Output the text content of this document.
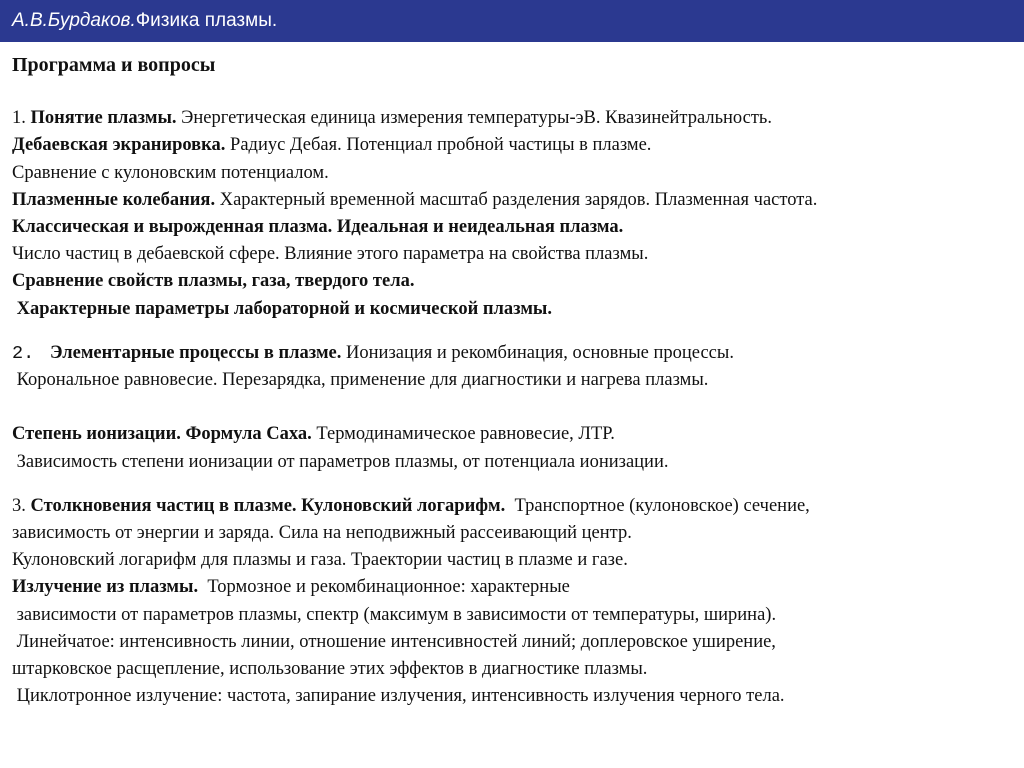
А.В.Бурдаков.Физика плазмы.
Программа и вопросы
1. Понятие плазмы. Энергетическая единица измерения температуры-эВ. Квазинейтральность.
Дебаевская экранировка. Радиус Дебая. Потенциал пробной частицы в плазме.
Сравнение с кулоновским потенциалом.
Плазменные колебания. Характерный временной масштаб разделения зарядов. Плазменная частота.
Классическая и вырожденная плазма. Идеальная и неидеальная плазма.
Число частиц в дебаевской сфере. Влияние этого параметра на свойства плазмы.
Сравнение свойств плазмы, газа, твердого тела.
Характерные параметры лабораторной и космической плазмы.
2.  Элементарные процессы в плазме. Ионизация и рекомбинация, основные процессы.
Корональное равновесие. Перезарядка, применение для диагностики и нагрева плазмы.

Степень ионизации. Формула Саха. Термодинамическое равновесие, ЛТР.
Зависимость степени ионизации от параметров плазмы, от потенциала ионизации.
3. Столкновения частиц в плазме. Кулоновский логарифм.  Транспортное (кулоновское) сечение,
зависимость от энергии и заряда. Сила на неподвижный рассеивающий центр.
Кулоновский логарифм для плазмы и газа. Траектории частиц в плазме и газе.
Излучение из плазмы.  Тормозное и рекомбинационное: характерные
зависимости от параметров плазмы, спектр (максимум в зависимости от температуры, ширина).
Линейчатое: интенсивность линии, отношение интенсивностей линий; доплеровское уширение,
штарковское расщепление, использование этих эффектов в диагностике плазмы.
Циклотронное излучение: частота, запирание излучения, интенсивность излучения черного тела.
